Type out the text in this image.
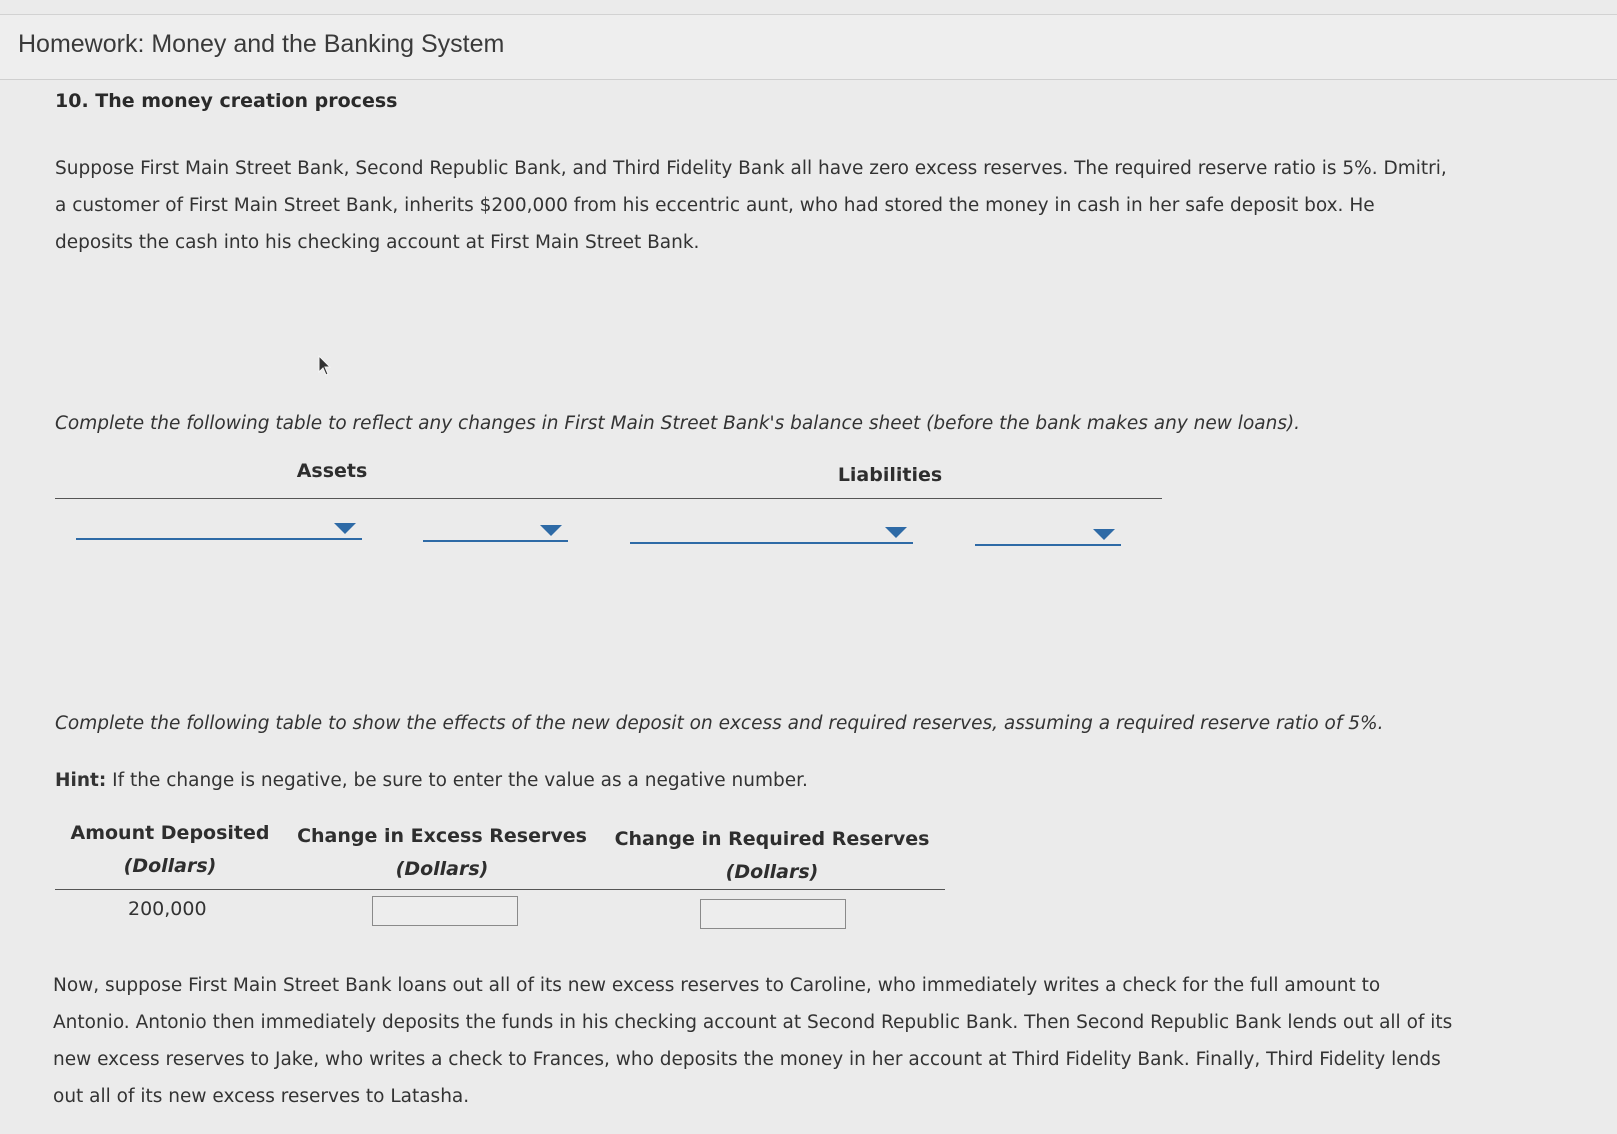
Homework: Money and the Banking System
10. The money creation process
Suppose First Main Street Bank, Second Republic Bank, and Third Fidelity Bank all have zero excess reserves. The required reserve ratio is 5%. Dmitri,
a customer of First Main Street Bank, inherits $200,000 from his eccentric aunt, who had stored the money in cash in her safe deposit box. He
deposits the cash into his checking account at First Main Street Bank.
Complete the following table to reflect any changes in First Main Street Bank's balance sheet (before the bank makes any new loans).
Assets	Liabilities
Complete the following table to show the effects of the new deposit on excess and required reserves, assuming a required reserve ratio of 5%.
Hint: If the change is negative, be sure to enter the value as a negative number.
Amount Deposited
(Dollars)
Change in Excess Reserves
(Dollars)
Change in Required Reserves
(Dollars)
200,000
Now, suppose First Main Street Bank loans out all of its new excess reserves to Caroline, who immediately writes a check for the full amount to
Antonio. Antonio then immediately deposits the funds in his checking account at Second Republic Bank. Then Second Republic Bank lends out all of its
new excess reserves to Jake, who writes a check to Frances, who deposits the money in her account at Third Fidelity Bank. Finally, Third Fidelity lends
out all of its new excess reserves to Latasha.
